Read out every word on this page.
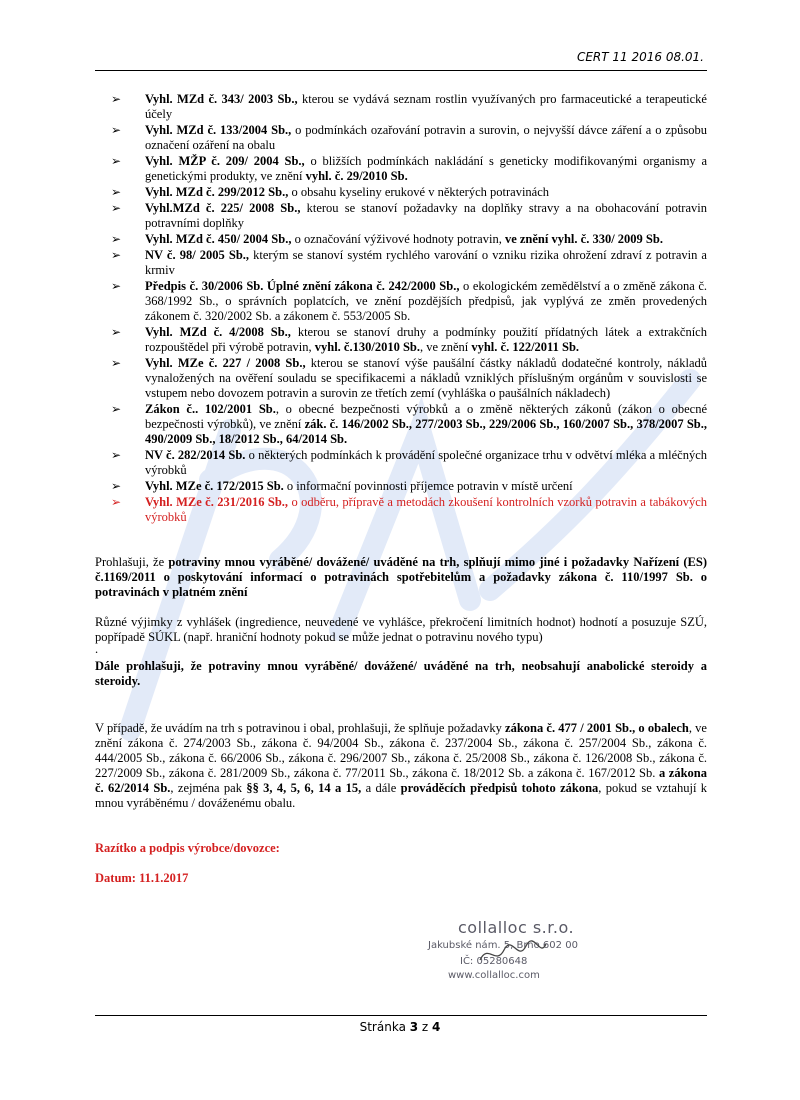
CERT 11 2016 08.01.
➢ Vyhl. MZd č. 343/ 2003 Sb., kterou se vydává seznam rostlin využívaných pro farmaceutické a terapeutické účely
➢ Vyhl. MZd č. 133/2004 Sb., o podmínkách ozařování potravin a surovin, o nejvyšší dávce záření a o způsobu označení ozáření na obalu
➢ Vyhl. MŽP č. 209/ 2004 Sb., o bližších podmínkách nakládání s geneticky modifikovanými organismy a genetickými produkty, ve znění vyhl. č. 29/2010 Sb.
➢ Vyhl. MZd č. 299/2012 Sb., o obsahu kyseliny erukové v některých potravinách
➢ Vyhl.MZd č. 225/ 2008 Sb., kterou se stanoví požadavky na doplňky stravy a na obohacování potravin potravními doplňky
➢ Vyhl. MZd č. 450/ 2004 Sb., o označování výživové hodnoty potravin, ve znění vyhl. č. 330/ 2009 Sb.
➢ NV č. 98/ 2005 Sb., kterým se stanoví systém rychlého varování o vzniku rizika ohrožení zdraví z potravin a krmiv
➢ Předpis č. 30/2006 Sb. Úplné znění zákona č. 242/2000 Sb., o ekologickém zemědělství a o změně zákona č. 368/1992 Sb., o správních poplatcích, ve znění pozdějších předpisů, jak vyplývá ze změn provedených zákonem č. 320/2002 Sb. a zákonem č. 553/2005 Sb.
➢ Vyhl. MZd č. 4/2008 Sb., kterou se stanoví druhy a podmínky použití přídatných látek a extrakčních rozpouštědel při výrobě potravin, vyhl. č.130/2010 Sb., ve znění vyhl. č. 122/2011 Sb.
➢ Vyhl. MZe č. 227 / 2008 Sb., kterou se stanoví výše paušální částky nákladů dodatečné kontroly, nákladů vynaložených na ověření souladu se specifikacemi a nákladů vzniklých příslušným orgánům v souvislosti se vstupem nebo dovozem potravin a surovin ze třetích zemí (vyhláška o paušálních nákladech)
➢ Zákon č.. 102/2001 Sb., o obecné bezpečnosti výrobků a o změně některých zákonů (zákon o obecné bezpečnosti výrobků), ve znění zák. č. 146/2002 Sb., 277/2003 Sb., 229/2006 Sb., 160/2007 Sb., 378/2007 Sb., 490/2009 Sb., 18/2012 Sb., 64/2014 Sb.
➢ NV č. 282/2014 Sb. o některých podmínkách k provádění společné organizace trhu v odvětví mléka a mléčných výrobků
➢ Vyhl. MZe č. 172/2015 Sb. o informační povinnosti příjemce potravin v místě určení
➢ Vyhl. MZe č. 231/2016 Sb., o odběru, přípravě a metodách zkoušení kontrolních vzorků potravin a tabákových výrobků

Prohlašuji, že potraviny mnou vyráběné/ dovážené/ uváděné na trh, splňují mimo jiné i požadavky Nařízení (ES) č.1169/2011 o poskytování informací o potravinách spotřebitelům a požadavky zákona č. 110/1997 Sb. o potravinách v platném znění

Různé výjimky z vyhlášek (ingredience, neuvedené ve vyhlášce, překročení limitních hodnot) hodnotí a posuzuje SZÚ, popřípadě SÚKL (např. hraniční hodnoty pokud se může jednat o potravinu nového typu)

.

Dále prohlašuji, že potraviny mnou vyráběné/ dovážené/ uváděné na trh, neobsahují anabolické steroidy a steroidy.

V případě, že uvádím na trh s potravinou i obal, prohlašuji, že splňuje požadavky zákona č. 477 / 2001 Sb., o obalech, ve znění zákona č. 274/2003 Sb., zákona č. 94/2004 Sb., zákona č. 237/2004 Sb., zákona č. 257/2004 Sb., zákona č. 444/2005 Sb., zákona č. 66/2006 Sb., zákona č. 296/2007 Sb., zákona č. 25/2008 Sb., zákona č. 126/2008 Sb., zákona č. 227/2009 Sb., zákona č. 281/2009 Sb., zákona č. 77/2011 Sb., zákona č. 18/2012 Sb. a zákona č. 167/2012 Sb. a zákona č. 62/2014 Sb., zejména pak §§ 3, 4, 5, 6, 14 a 15, a dále prováděcích předpisů tohoto zákona, pokud se vztahují k mnou vyráběnému / dováženému obalu.

Razítko a podpis výrobce/dovozce:

Datum: 11.1.2017

collalloc s.r.o.
Jakubské nám. 5, Brno 602 00
IČ: 05280648
www.collalloc.com
Stránka 3 z 4
